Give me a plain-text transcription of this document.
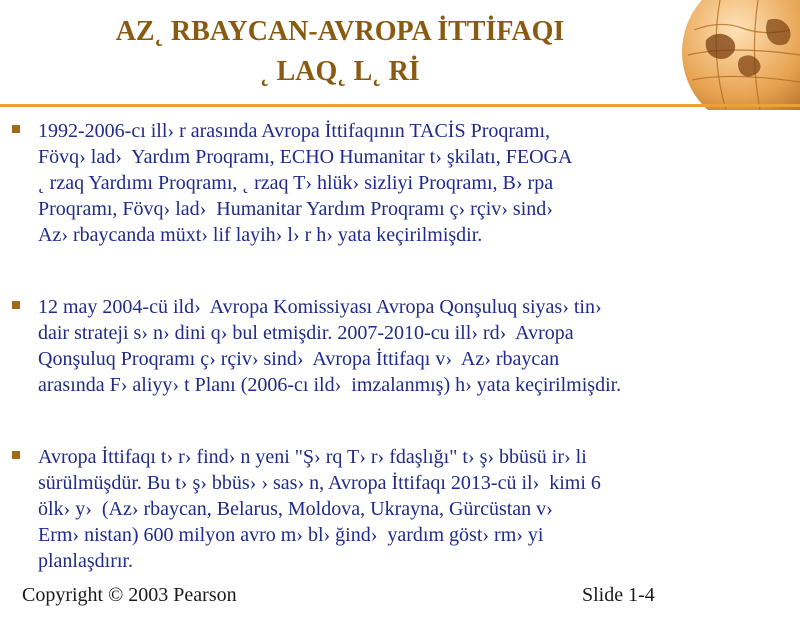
AZ˛ RBAYCAN-AVROPA İTTİFAQI
˛ LAQ˛ L˛ Rİ
1992-2006-cı ill› r arasında Avropa İttifaqının TACİS Proqramı,
Fövq› lad›  Yardım Proqramı, ECHO Humanitar t› şkilatı, FEOGA
˛ rzaq Yardımı Proqramı, ˛ rzaq T› hlük› sizliyi Proqramı, B› rpa
Proqramı, Fövq› lad›  Humanitar Yardım Proqramı ç› rçiv› sind›
Az› rbaycanda müxt› lif layih› l› r h› yata keçirilmişdir.
12 may 2004-cü ild›  Avropa Komissiyası Avropa Qonşuluq siyas› tin›
dair strateji s› n› dini q› bul etmişdir. 2007-2010-cu ill› rd›  Avropa
Qonşuluq Proqramı ç› rçiv› sind›  Avropa İttifaqı v›  Az› rbaycan
arasında F› aliyy› t Planı (2006-cı ild›  imzalanmış) h› yata keçirilmişdir.
Avropa İttifaqı t› r› find› n yeni "Ş› rq T› r› fdaşlığı" t› ş› bbüsü ir› li
sürülmüşdür. Bu t› ş› bbüs› › sas› n, Avropa İttifaqı 2013-cü il›  kimi 6
ölk› y›  (Az› rbaycan, Belarus, Moldova, Ukrayna, Gürcüstan v›
Erm› nistan) 600 milyon avro m› bl› ğind›  yardım göst› rm› yi
planlaşdırır.
Copyright © 2003 Pearson	Slide 1-4
